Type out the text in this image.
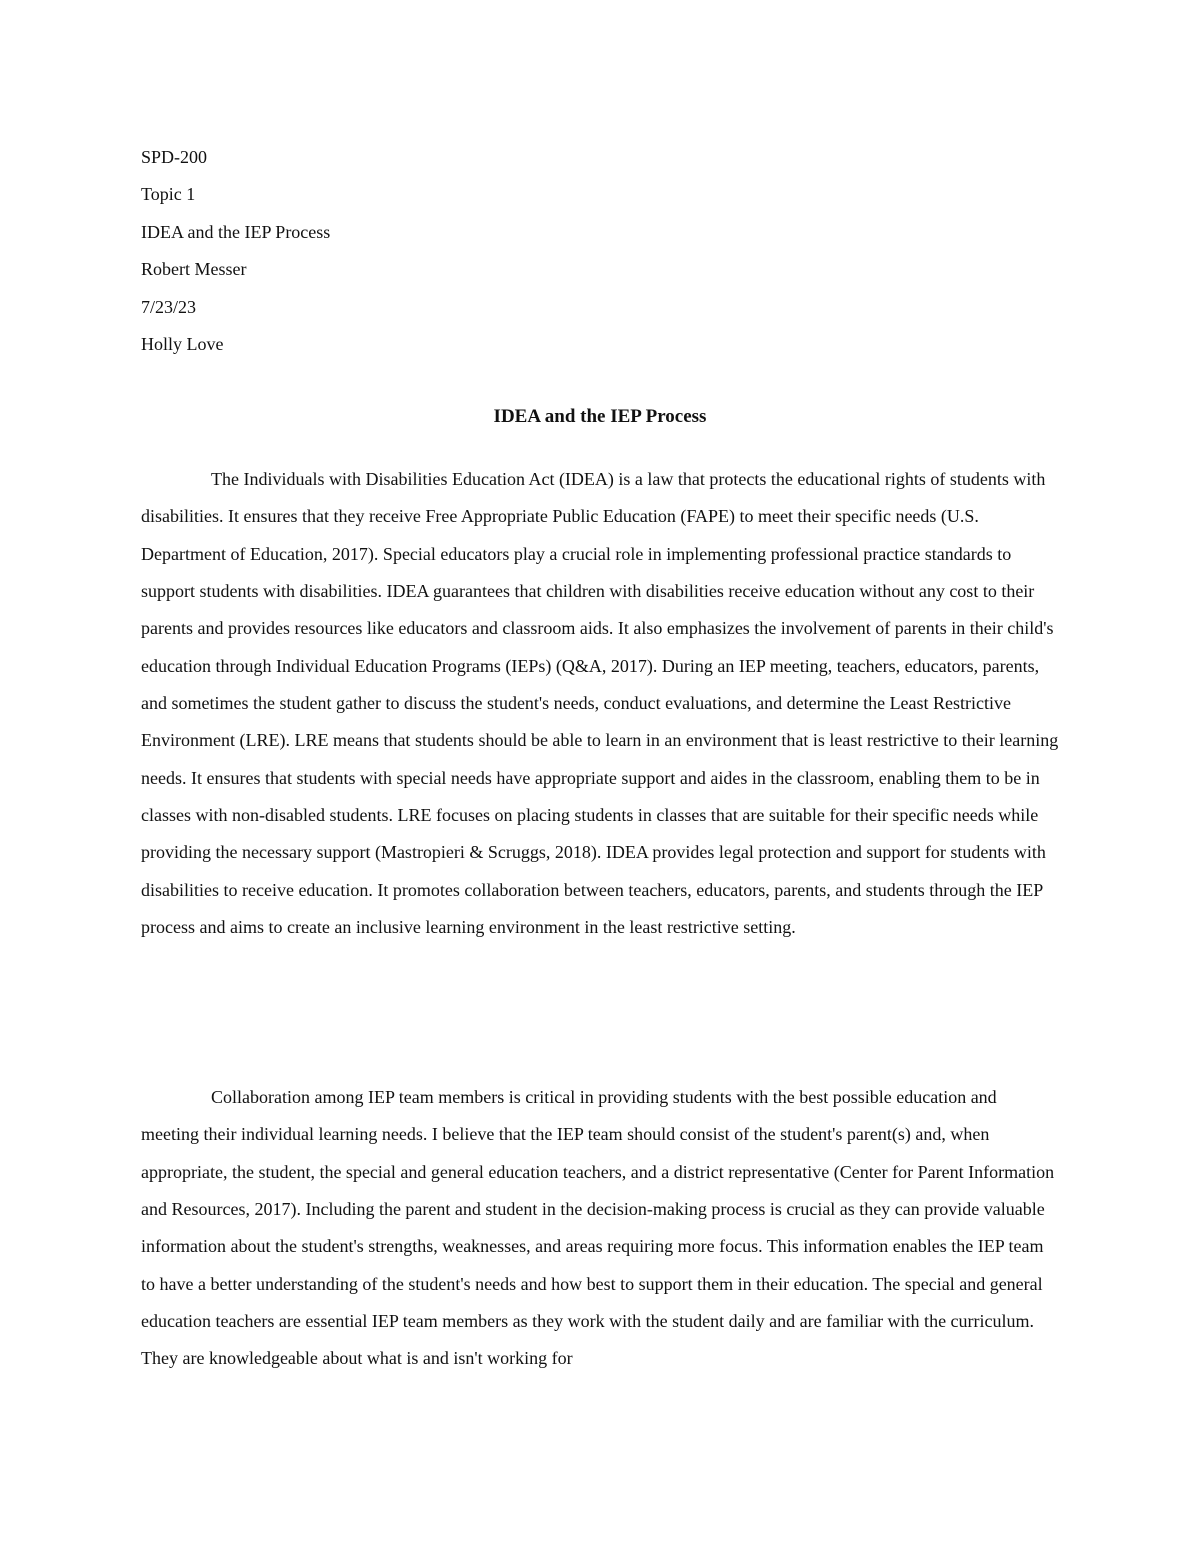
SPD-200
Topic 1
IDEA and the IEP Process
Robert Messer
7/23/23
Holly Love
IDEA and the IEP Process

The Individuals with Disabilities Education Act (IDEA) is a law that protects the educational rights of students with disabilities. It ensures that they receive Free Appropriate Public Education (FAPE) to meet their specific needs (U.S. Department of Education, 2017). Special educators play a crucial role in implementing professional practice standards to support students with disabilities. IDEA guarantees that children with disabilities receive education without any cost to their parents and provides resources like educators and classroom aids. It also emphasizes the involvement of parents in their child's education through Individual Education Programs (IEPs) (Q&A, 2017). During an IEP meeting, teachers, educators, parents, and sometimes the student gather to discuss the student's needs, conduct evaluations, and determine the Least Restrictive Environment (LRE). LRE means that students should be able to learn in an environment that is least restrictive to their learning needs. It ensures that students with special needs have appropriate support and aides in the classroom, enabling them to be in classes with non-disabled students. LRE focuses on placing students in classes that are suitable for their specific needs while providing the necessary support (Mastropieri & Scruggs, 2018). IDEA provides legal protection and support for students with disabilities to receive education. It promotes collaboration between teachers, educators, parents, and students through the IEP process and aims to create an inclusive learning environment in the least restrictive setting.

Collaboration among IEP team members is critical in providing students with the best possible education and meeting their individual learning needs. I believe that the IEP team should consist of the student's parent(s) and, when appropriate, the student, the special and general education teachers, and a district representative (Center for Parent Information and Resources, 2017). Including the parent and student in the decision-making process is crucial as they can provide valuable information about the student's strengths, weaknesses, and areas requiring more focus. This information enables the IEP team to have a better understanding of the student's needs and how best to support them in their education. The special and general education teachers are essential IEP team members as they work with the student daily and are familiar with the curriculum. They are knowledgeable about what is and isn't working for
